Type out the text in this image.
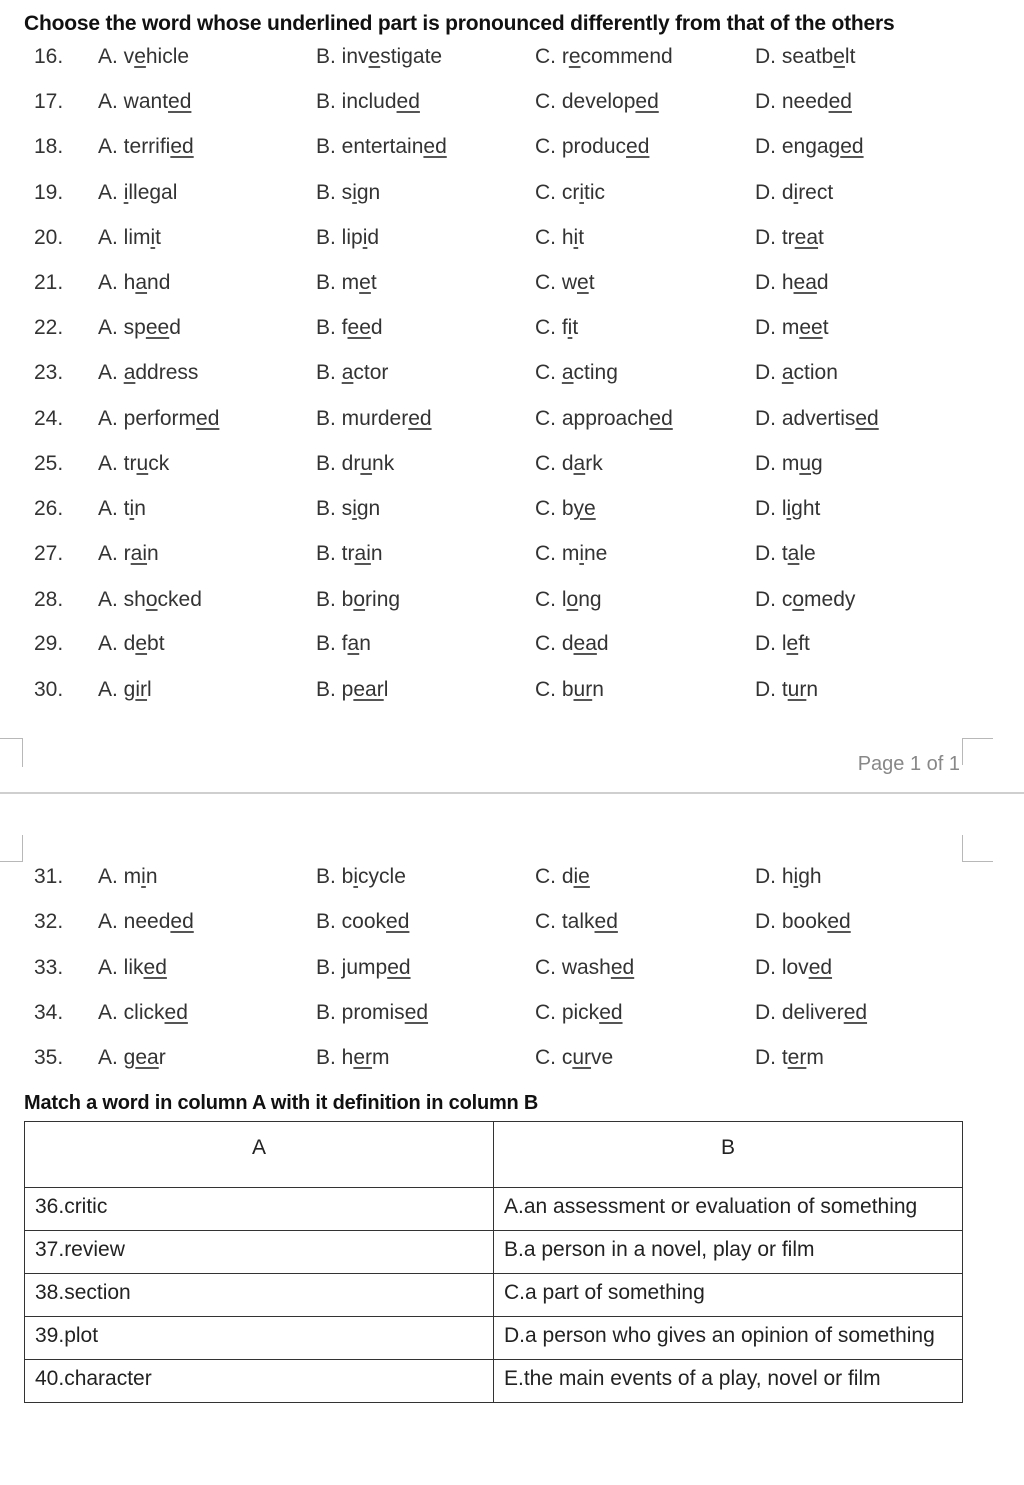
Choose the word whose underlined part is pronounced differently from that of the others
16. A. vehicle	B. investigate	C. recommend	D. seatbelt
17. A. wanted	B. included	C. developed	D. needed
18. A. terrified	B. entertained	C. produced	D. engaged
19. A. illegal	B. sign	C. critic	D. direct
20. A. limit	B. lipid	C. hit	D. treat
21. A. hand	B. met	C. wet	D. head
22. A. speed	B. feed	C. fit	D. meet
23. A. address	B. actor	C. acting	D. action
24. A. performed	B. murdered	C. approached	D. advertised
25. A. truck	B. drunk	C. dark	D. mug
26. A. tin	B. sign	C. bye	D. light
27. A. rain	B. train	C. mine	D. tale
28. A. shocked	B. boring	C. long	D. comedy
29. A. debt	B. fan	C. dead	D. left
30. A. girl	B. pearl	C. burn	D. turn
31. A. min	B. bicycle	C. die	D. high
32. A. needed	B. cooked	C. talked	D. booked
33. A. liked	B. jumped	C. washed	D. loved
34. A. clicked	B. promised	C. picked	D. delivered
35. A. gear	B. herm	C. curve	D. term
Page 1 of 1
Match a word in column A with it definition in column B
A	B
36.critic	A.an assessment or evaluation of something
37.review	B.a person in a novel, play or film
38.section	C.a part of something
39.plot	D.a person who gives an opinion of something
40.character	E.the main events of a play, novel or film
